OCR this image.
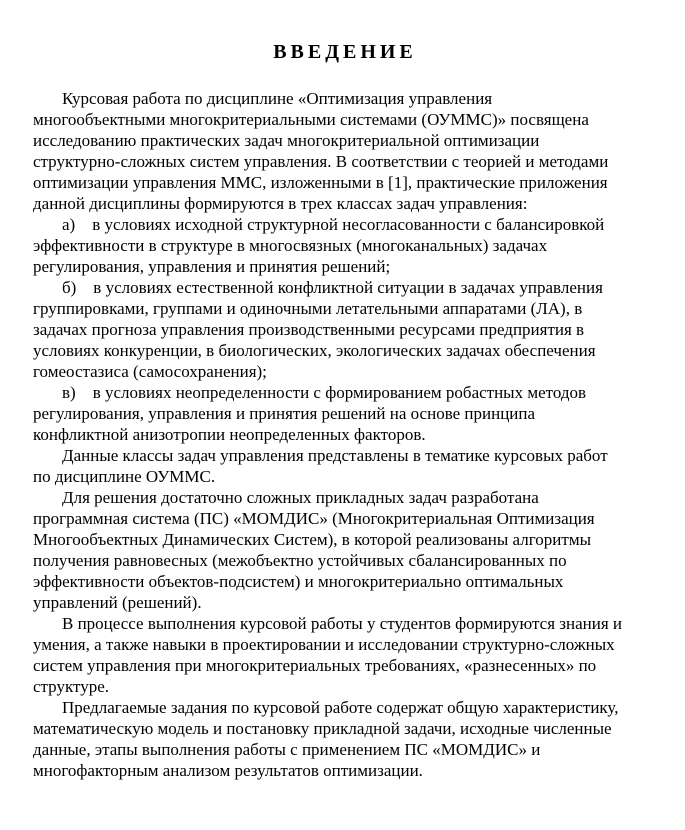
ВВЕДЕНИЕ

Курсовая работа по дисциплине «Оптимизация управления
многообъектными многокритериальными системами (ОУММС)» посвящена
исследованию практических задач многокритериальной оптимизации
структурно-сложных систем управления. В соответствии с теорией и методами
оптимизации управления ММС, изложенными в [1], практические приложения
данной дисциплины формируются в трех классах задач управления:

а)    в условиях исходной структурной несогласованности с балансировкой
эффективности в структуре в многосвязных (многоканальных) задачах
регулирования, управления и принятия решений;

б)    в условиях естественной конфликтной ситуации в задачах управления
группировками, группами и одиночными летательными аппаратами (ЛА), в
задачах прогноза управления производственными ресурсами предприятия в
условиях конкуренции, в биологических, экологических задачах обеспечения
гомеостазиса (самосохранения);

в)    в условиях неопределенности с формированием робастных методов
регулирования, управления и принятия решений на основе принципа
конфликтной анизотропии неопределенных факторов.

Данные классы задач управления представлены в тематике курсовых работ
по дисциплине ОУММС.

Для решения достаточно сложных прикладных задач разработана
программная система (ПС) «МОМДИС» (Многокритериальная Оптимизация
Многообъектных Динамических Систем), в которой реализованы алгоритмы
получения равновесных (межобъектно устойчивых сбалансированных по
эффективности объектов-подсистем) и многокритериально оптимальных
управлений (решений).

В процессе выполнения курсовой работы у студентов формируются знания и
умения, а также навыки в проектировании и исследовании структурно-сложных
систем управления при многокритериальных требованиях, «разнесенных» по
структуре.

Предлагаемые задания по курсовой работе содержат общую характеристику,
математическую модель и постановку прикладной задачи, исходные численные
данные, этапы выполнения работы с применением ПС «МОМДИС» и
многофакторным анализом результатов оптимизации.
